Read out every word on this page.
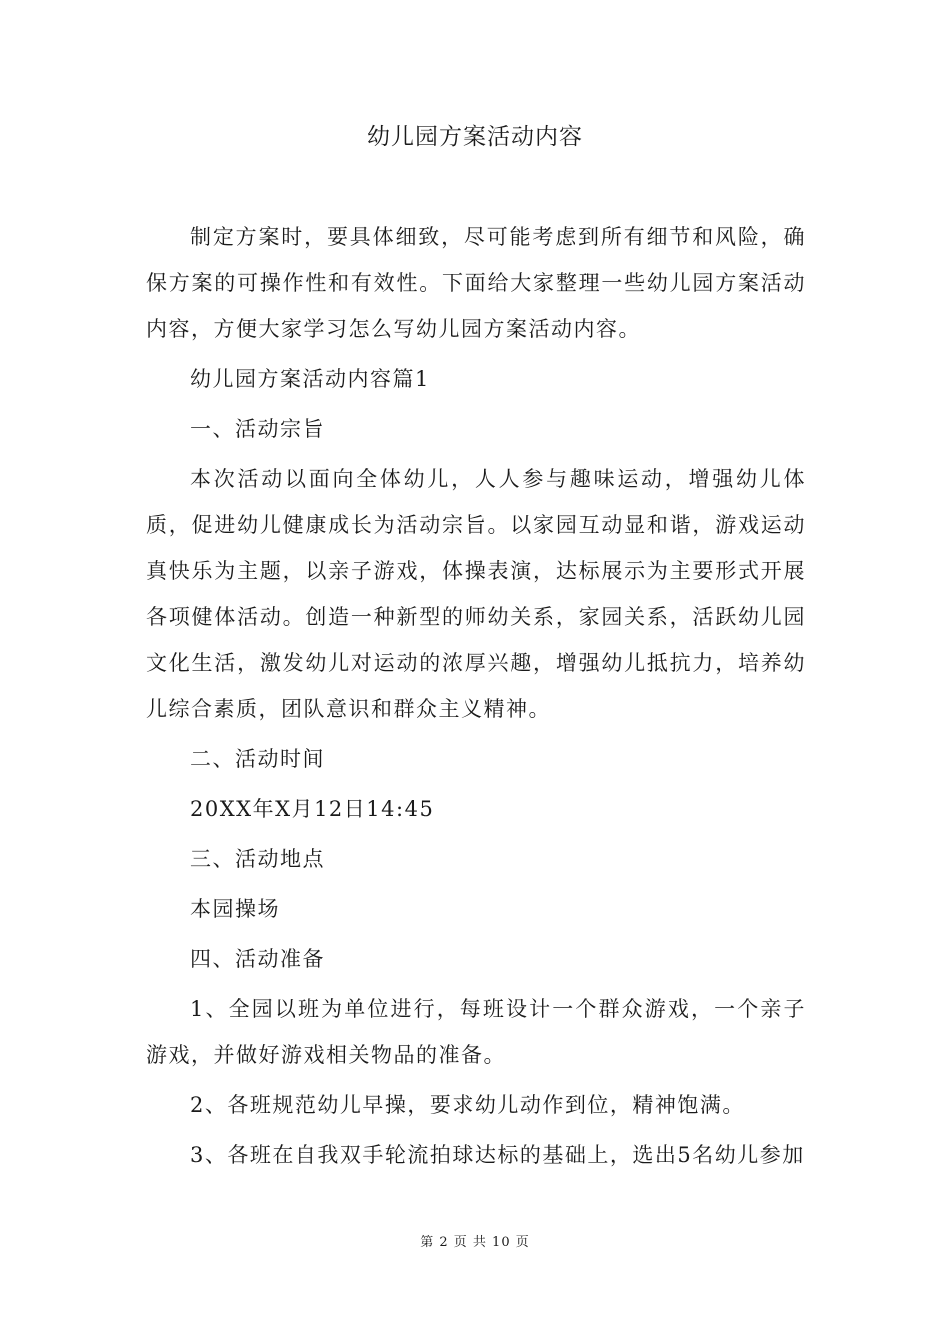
幼儿园方案活动内容

制定方案时，要具体细致，尽可能考虑到所有细节和风险，确保方案的可操作性和有效性。下面给大家整理一些幼儿园方案活动内容，方便大家学习怎么写幼儿园方案活动内容。

幼儿园方案活动内容篇1

一、活动宗旨

本次活动以面向全体幼儿，人人参与趣味运动，增强幼儿体质，促进幼儿健康成长为活动宗旨。以家园互动显和谐，游戏运动真快乐为主题，以亲子游戏，体操表演，达标展示为主要形式开展各项健体活动。创造一种新型的师幼关系，家园关系，活跃幼儿园文化生活，激发幼儿对运动的浓厚兴趣，增强幼儿抵抗力，培养幼儿综合素质，团队意识和群众主义精神。

二、活动时间

20XX年X月12日14:45

三、活动地点

本园操场

四、活动准备

1、全园以班为单位进行，每班设计一个群众游戏，一个亲子游戏，并做好游戏相关物品的准备。

2、各班规范幼儿早操，要求幼儿动作到位，精神饱满。

3、各班在自我双手轮流拍球达标的基础上，选出5名幼儿参加

第 2 页 共 10 页
